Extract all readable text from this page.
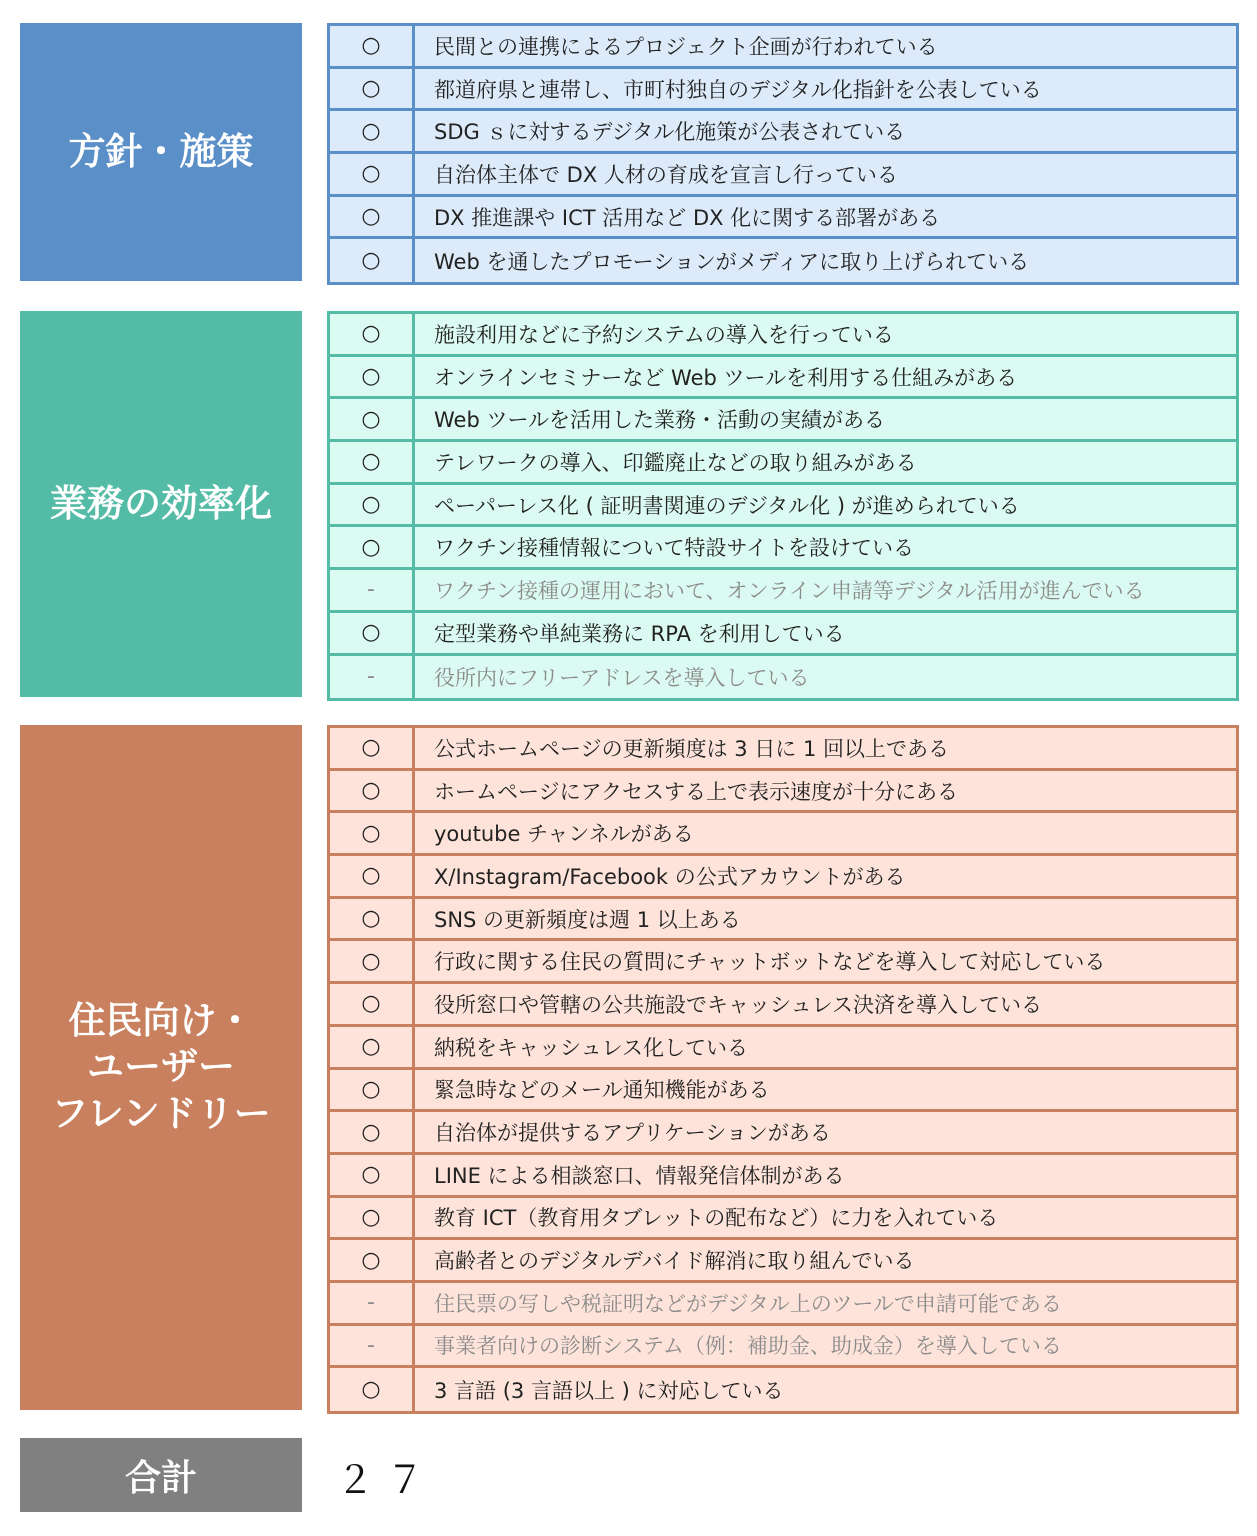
方針・施策
○	民間との連携によるプロジェクト企画が行われている
○	都道府県と連帯し、市町村独自のデジタル化指針を公表している
○	SDG ｓに対するデジタル化施策が公表されている
○	自治体主体で DX 人材の育成を宣言し行っている
○	DX 推進課や ICT 活用など DX 化に関する部署がある
○	Web を通したプロモーションがメディアに取り上げられている
業務の効率化
○	施設利用などに予約システムの導入を行っている
○	オンラインセミナーなど Web ツールを利用する仕組みがある
○	Web ツールを活用した業務・活動の実績がある
○	テレワークの導入、印鑑廃止などの取り組みがある
○	ペーパーレス化 ( 証明書関連のデジタル化 ) が進められている
○	ワクチン接種情報について特設サイトを設けている
-	ワクチン接種の運用において、オンライン申請等デジタル活用が進んでいる
○	定型業務や単純業務に RPA を利用している
-	役所内にフリーアドレスを導入している
住民向け・
ユーザー
フレンドリー
○	公式ホームページの更新頻度は 3 日に 1 回以上である
○	ホームページにアクセスする上で表示速度が十分にある
○	youtube チャンネルがある
○	X/Instagram/Facebook の公式アカウントがある
○	SNS の更新頻度は週 1 以上ある
○	行政に関する住民の質問にチャットボットなどを導入して対応している
○	役所窓口や管轄の公共施設でキャッシュレス決済を導入している
○	納税をキャッシュレス化している
○	緊急時などのメール通知機能がある
○	自治体が提供するアプリケーションがある
○	LINE による相談窓口、情報発信体制がある
○	教育 ICT（教育用タブレットの配布など）に力を入れている
○	高齢者とのデジタルデバイド解消に取り組んでいる
-	住民票の写しや税証明などがデジタル上のツールで申請可能である
-	事業者向けの診断システム（例：補助金、助成金）を導入している
○	3 言語 (3 言語以上 ) に対応している
合計	２７
